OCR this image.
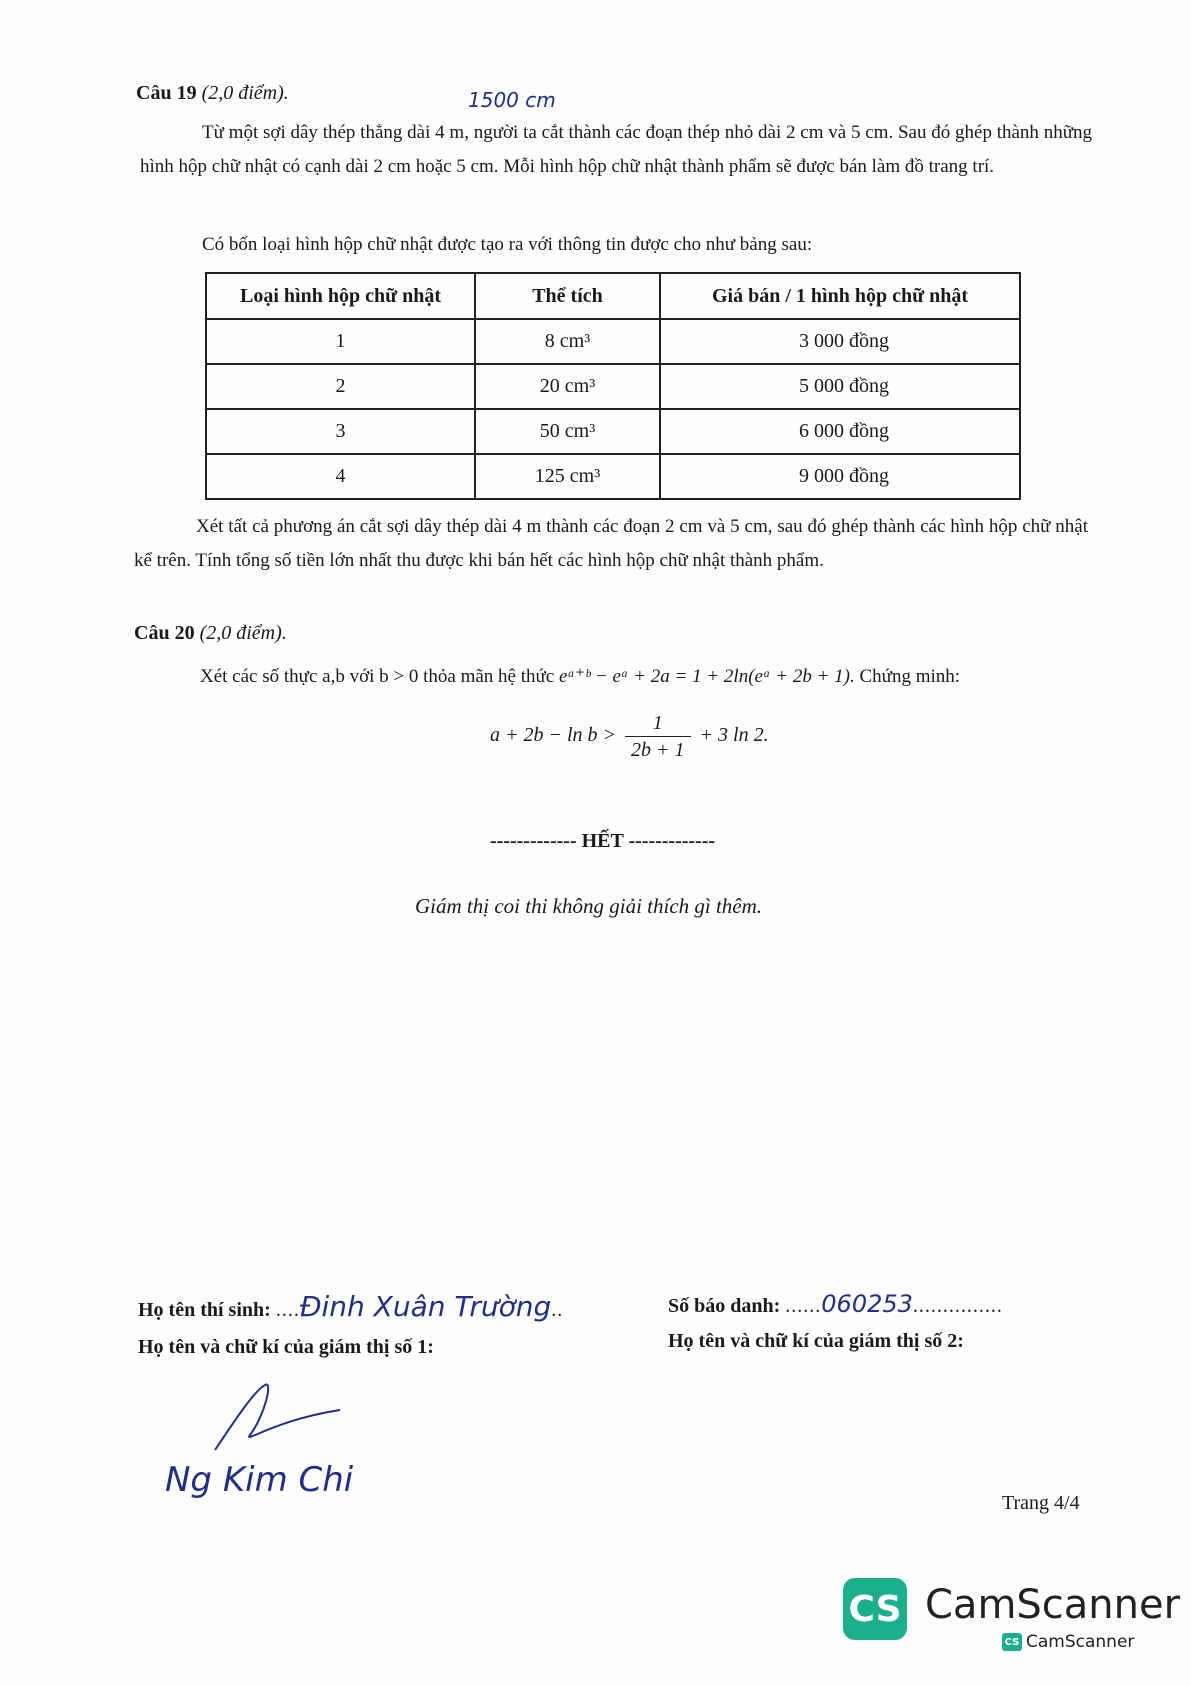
Câu 19 (2,0 điểm).	1500 cm
Từ một sợi dây thép thẳng dài 4 m, người ta cắt thành các đoạn thép nhỏ dài 2 cm và 5 cm. Sau đó ghép thành những hình hộp chữ nhật có cạnh dài 2 cm hoặc 5 cm. Mỗi hình hộp chữ nhật thành phẩm sẽ được bán làm đồ trang trí.
Có bốn loại hình hộp chữ nhật được tạo ra với thông tin được cho như bảng sau:
Loại hình hộp chữ nhật	Thể tích	Giá bán / 1 hình hộp chữ nhật
1	8 cm³	3 000 đồng
2	20 cm³	5 000 đồng
3	50 cm³	6 000 đồng
4	125 cm³	9 000 đồng
Xét tất cả phương án cắt sợi dây thép dài 4 m thành các đoạn 2 cm và 5 cm, sau đó ghép thành các hình hộp chữ nhật kể trên. Tính tổng số tiền lớn nhất thu được khi bán hết các hình hộp chữ nhật thành phẩm.
Câu 20 (2,0 điểm).
Xét các số thực a,b với b > 0 thỏa mãn hệ thức eᵃ⁺ᵇ − eᵃ + 2a = 1 + 2ln(eᵃ + 2b + 1). Chứng minh:
$a + 2b - \ln b > \frac{1}{2b + 1} + 3$ ln 2.
------------- HẾT -------------
Giám thị coi thi không giải thích gì thêm.
Họ tên thí sinh: ....Đinh Xuân Trường..	Số báo danh: ......060253...............
Họ tên và chữ kí của giám thị số 1:	Họ tên và chữ kí của giám thị số 2:
Ng Kim Chi
Trang 4/4
CS CamScanner
CS CamScanner
